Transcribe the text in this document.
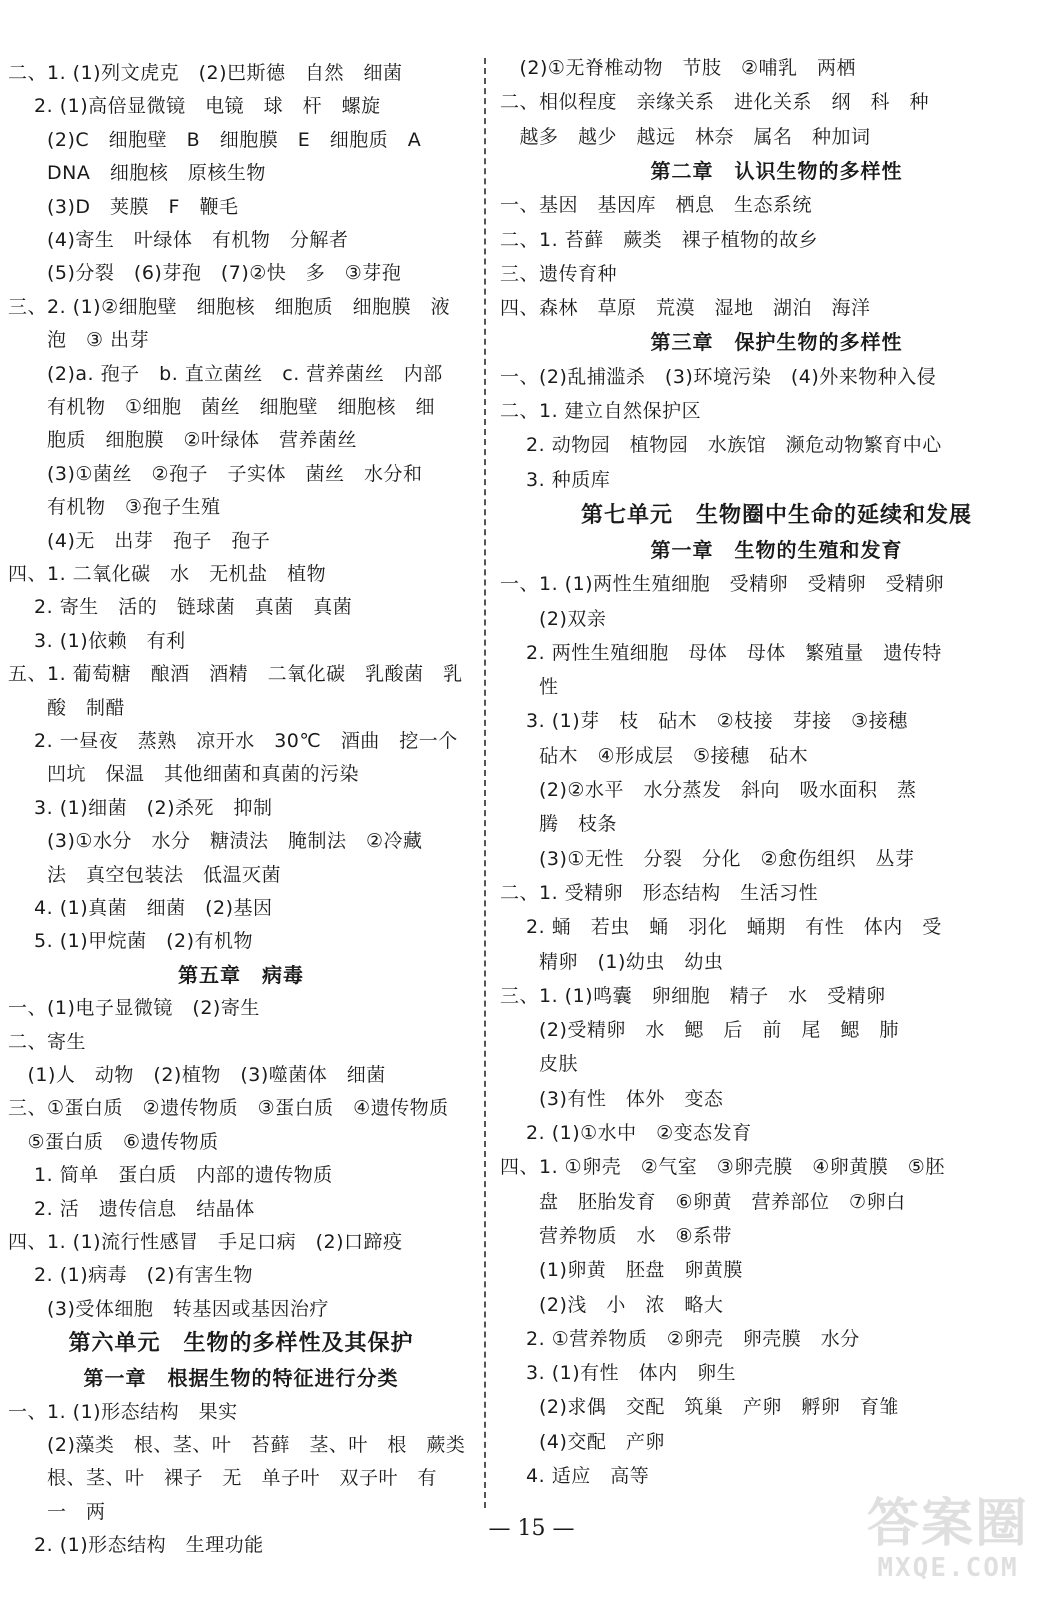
二、1. (1)列文虎克　(2)巴斯德　自然　细菌
　 2. (1)高倍显微镜　电镜　球　杆　螺旋
　　(2)C　细胞壁　B　细胞膜　E　细胞质　A
　　DNA　细胞核　原核生物
　　(3)D　荚膜　F　鞭毛
　　(4)寄生　叶绿体　有机物　分解者
　　(5)分裂　(6)芽孢　(7)②快　多　③芽孢
三、2. (1)②细胞壁　细胞核　细胞质　细胞膜　液
　　泡　③ 出芽
　　(2)a. 孢子　b. 直立菌丝　c. 营养菌丝　内部
　　有机物　①细胞　菌丝　细胞壁　细胞核　细
　　胞质　细胞膜　②叶绿体　营养菌丝
　　(3)①菌丝　②孢子　子实体　菌丝　水分和
　　有机物　③孢子生殖
　　(4)无　出芽　孢子　孢子
四、1. 二氧化碳　水　无机盐　植物
　 2. 寄生　活的　链球菌　真菌　真菌
　 3. (1)依赖　有利
五、1. 葡萄糖　酿酒　酒精　二氧化碳　乳酸菌　乳
　　酸　制醋
　 2. 一昼夜　蒸熟　凉开水　30℃　酒曲　挖一个
　　凹坑　保温　其他细菌和真菌的污染
　 3. (1)细菌　(2)杀死　抑制
　　(3)①水分　水分　糖渍法　腌制法　②冷藏
　　法　真空包装法　低温灭菌
　 4. (1)真菌　细菌　(2)基因
　 5. (1)甲烷菌　(2)有机物
第五章　病毒
一、(1)电子显微镜　(2)寄生
二、寄生
　(1)人　动物　(2)植物　(3)噬菌体　细菌
三、①蛋白质　②遗传物质　③蛋白质　④遗传物质
　⑤蛋白质　⑥遗传物质
　 1. 简单　蛋白质　内部的遗传物质
　 2. 活　遗传信息　结晶体
四、1. (1)流行性感冒　手足口病　(2)口蹄疫
　 2. (1)病毒　(2)有害生物
　　(3)受体细胞　转基因或基因治疗
第六单元　生物的多样性及其保护
第一章　根据生物的特征进行分类
一、1. (1)形态结构　果实
　　(2)藻类　根、茎、叶　苔藓　茎、叶　根　蕨类
　　根、茎、叶　裸子　无　单子叶　双子叶　有
　　一　两
　 2. (1)形态结构　生理功能
　(2)①无脊椎动物　节肢　②哺乳　两栖
二、相似程度　亲缘关系　进化关系　纲　科　种
　越多　越少　越远　林奈　属名　种加词
第二章　认识生物的多样性
一、基因　基因库　栖息　生态系统
二、1. 苔藓　蕨类　裸子植物的故乡
三、遗传育种
四、森林　草原　荒漠　湿地　湖泊　海洋
第三章　保护生物的多样性
一、(2)乱捕滥杀　(3)环境污染　(4)外来物种入侵
二、1. 建立自然保护区
　 2. 动物园　植物园　水族馆　濒危动物繁育中心
　 3. 种质库
第七单元　生物圈中生命的延续和发展
第一章　生物的生殖和发育
一、1. (1)两性生殖细胞　受精卵　受精卵　受精卵
　　(2)双亲
　 2. 两性生殖细胞　母体　母体　繁殖量　遗传特
　　性
　 3. (1)芽　枝　砧木　②枝接　芽接　③接穗
　　砧木　④形成层　⑤接穗　砧木
　　(2)②水平　水分蒸发　斜向　吸水面积　蒸
　　腾　枝条
　　(3)①无性　分裂　分化　②愈伤组织　丛芽
二、1. 受精卵　形态结构　生活习性
　 2. 蛹　若虫　蛹　羽化　蛹期　有性　体内　受
　　精卵　(1)幼虫　幼虫
三、1. (1)鸣囊　卵细胞　精子　水　受精卵
　　(2)受精卵　水　鳃　后　前　尾　鳃　肺
　　皮肤
　　(3)有性　体外　变态
　 2. (1)①水中　②变态发育
四、1. ①卵壳　②气室　③卵壳膜　④卵黄膜　⑤胚
　　盘　胚胎发育　⑥卵黄　营养部位　⑦卵白
　　营养物质　水　⑧系带
　　(1)卵黄　胚盘　卵黄膜
　　(2)浅　小　浓　略大
　 2. ①营养物质　②卵壳　卵壳膜　水分
　 3. (1)有性　体内　卵生
　　(2)求偶　交配　筑巢　产卵　孵卵　育雏
　　(4)交配　产卵
　 4. 适应　高等
— 15 —	答案圈
MXQE.COM
